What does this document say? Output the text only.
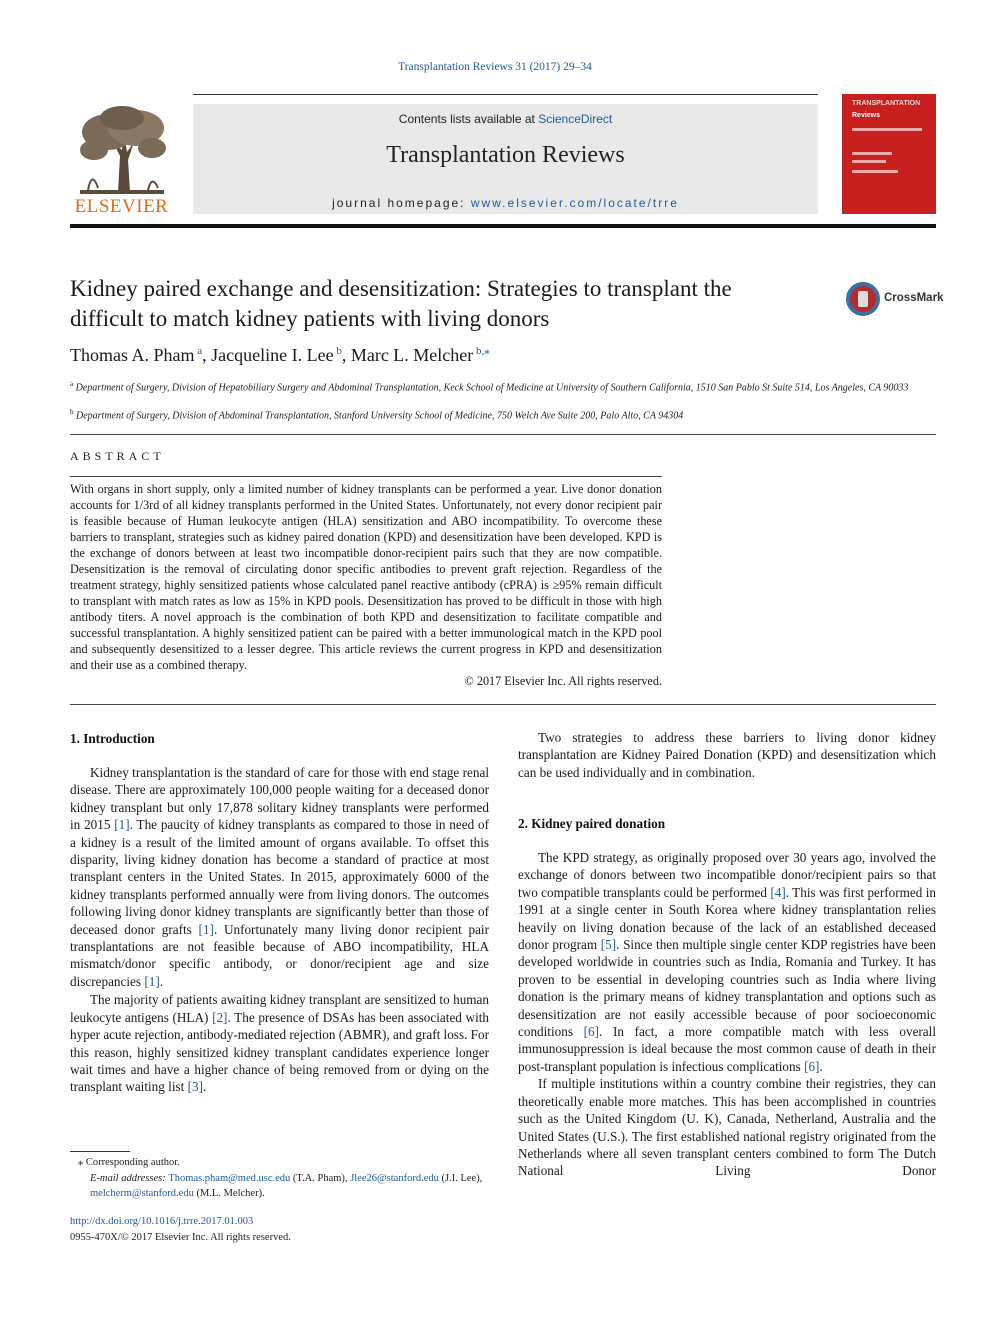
Transplantation Reviews 31 (2017) 29–34
ELSEVIER
Contents lists available at ScienceDirect
Transplantation Reviews
journal homepage: www.elsevier.com/locate/trre
TRANSPLANTATION
Reviews
Kidney paired exchange and desensitization: Strategies to transplant the difficult to match kidney patients with living donors
CrossMark
Thomas A. Pham $^a$, Jacqueline I. Lee $^b$, Marc L. Melcher $^{b,⁎}$
$^a$ Department of Surgery, Division of Hepatobiliary Surgery and Abdominal Transplantation, Keck School of Medicine at University of Southern California, 1510 San Pablo St Suite 514, Los Angeles, CA 90033
$^b$ Department of Surgery, Division of Abdominal Transplantation, Stanford University School of Medicine, 750 Welch Ave Suite 200, Palo Alto, CA 94304
ABSTRACT
With organs in short supply, only a limited number of kidney transplants can be performed a year. Live donor donation accounts for 1/3rd of all kidney transplants performed in the United States. Unfortunately, not every donor recipient pair is feasible because of Human leukocyte antigen (HLA) sensitization and ABO incompatibility. To overcome these barriers to transplant, strategies such as kidney paired donation (KPD) and desensitization have been developed. KPD is the exchange of donors between at least two incompatible donor-recipient pairs such that they are now compatible. Desensitization is the removal of circulating donor specific antibodies to prevent graft rejection. Regardless of the treatment strategy, highly sensitized patients whose calculated panel reactive antibody (cPRA) is ≥95% remain difficult to transplant with match rates as low as 15% in KPD pools. Desensitization has proved to be difficult in those with high antibody titers. A novel approach is the combination of both KPD and desensitization to facilitate compatible and successful transplantation. A highly sensitized patient can be paired with a better immunological match in the KPD pool and subsequently desensitized to a lesser degree. This article reviews the current progress in KPD and desensitization and their use as a combined therapy.
© 2017 Elsevier Inc. All rights reserved.
1. Introduction

Kidney transplantation is the standard of care for those with end stage renal disease. There are approximately 100,000 people waiting for a deceased donor kidney transplant but only 17,878 solitary kidney transplants were performed in 2015 [1]. The paucity of kidney transplants as compared to those in need of a kidney is a result of the limited amount of organs available. To offset this disparity, living kidney donation has become a standard of practice at most transplant centers in the United States. In 2015, approximately 6000 of the kidney transplants performed annually were from living donors. The outcomes following living donor kidney transplants are significantly better than those of deceased donor grafts [1]. Unfortunately many living donor recipient pair transplantations are not feasible because of ABO incompatibility, HLA mismatch/donor specific antibody, or donor/recipient age and size discrepancies [1].

The majority of patients awaiting kidney transplant are sensitized to human leukocyte antigens (HLA) [2]. The presence of DSAs has been associated with hyper acute rejection, antibody-mediated rejection (ABMR), and graft loss. For this reason, highly sensitized kidney transplant candidates experience longer wait times and have a higher chance of being removed from or dying on the transplant waiting list [3].

Two strategies to address these barriers to living donor kidney transplantation are Kidney Paired Donation (KPD) and desensitization which can be used individually and in combination.

2. Kidney paired donation

The KPD strategy, as originally proposed over 30 years ago, involved the exchange of donors between two incompatible donor/recipient pairs so that two compatible transplants could be performed [4]. This was first performed in 1991 at a single center in South Korea where kidney transplantation relies heavily on living donation because of the lack of an established deceased donor program [5]. Since then multiple single center KDP registries have been developed worldwide in countries such as India, Romania and Turkey. It has proven to be essential in developing countries such as India where living donation is the primary means of kidney transplantation and options such as desensitization are not easily accessible because of poor socioeconomic conditions [6]. In fact, a more compatible match with less overall immunosuppression is ideal because the most common cause of death in their post-transplant population is infectious complications [6].

If multiple institutions within a country combine their registries, they can theoretically enable more matches. This has been accomplished in countries such as the United Kingdom (U. K), Canada, Netherland, Australia and the United States (U.S.). The first established national registry originated from the Netherlands where all seven transplant centers combined to form The Dutch National Living Donor

⁎ Corresponding author.
E-mail addresses: Thomas.pham@med.usc.edu (T.A. Pham), Jlee26@stanford.edu (J.I. Lee), melcherm@stanford.edu (M.L. Melcher).
http://dx.doi.org/10.1016/j.trre.2017.01.003
0955-470X/© 2017 Elsevier Inc. All rights reserved.
